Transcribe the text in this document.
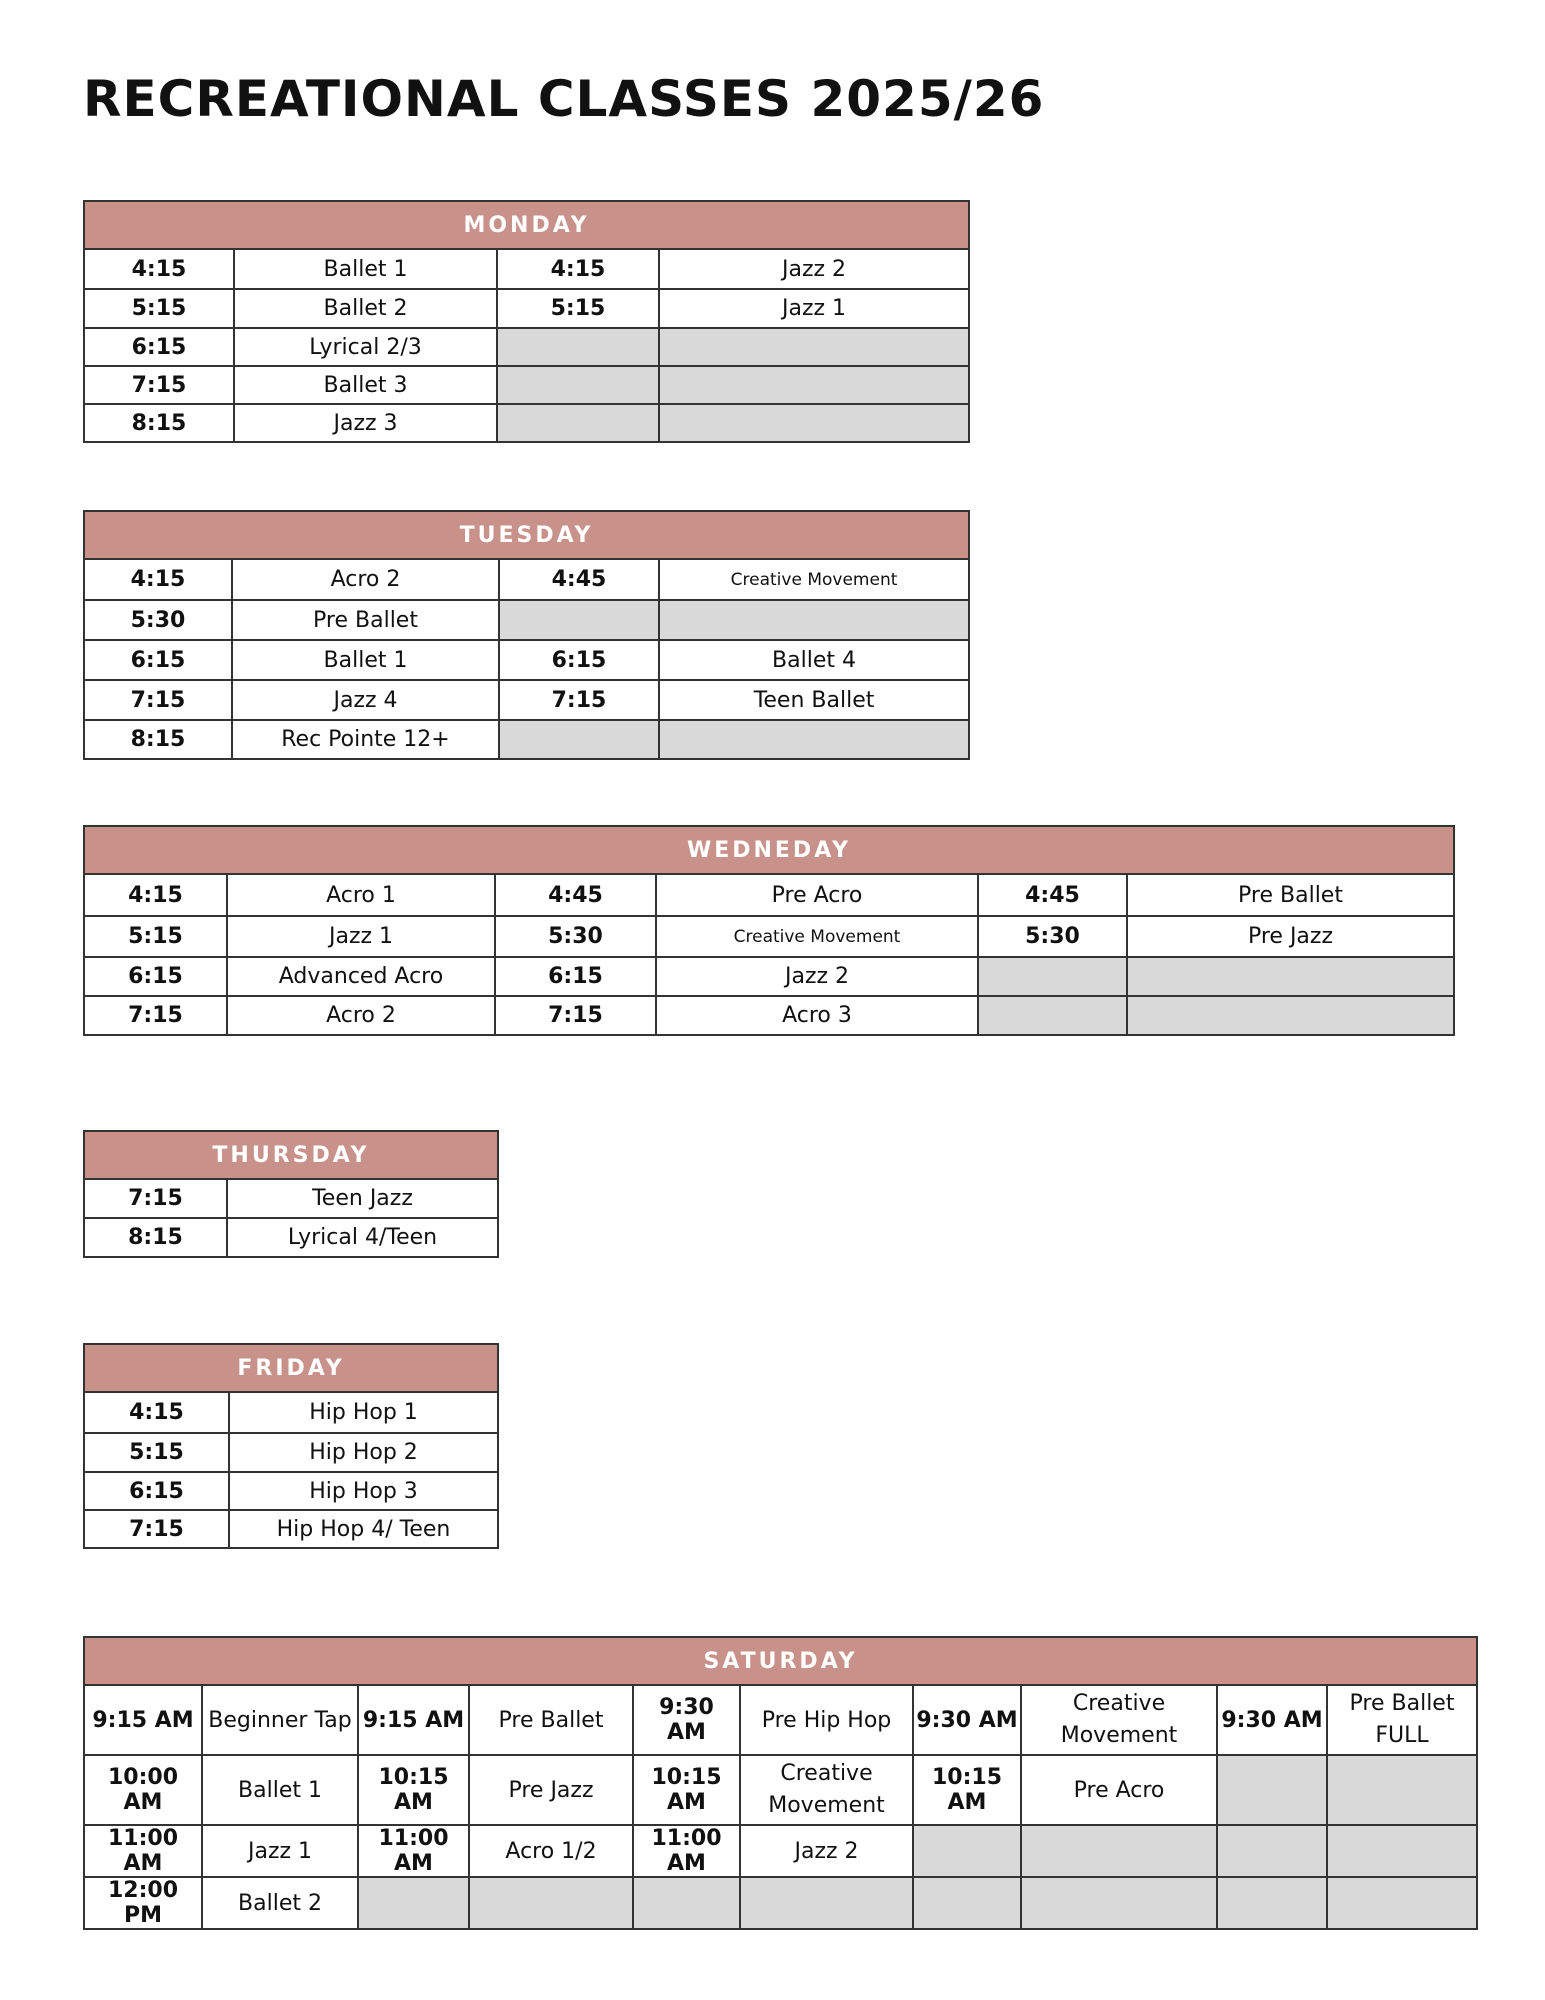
RECREATIONAL CLASSES 2025/26
MONDAY			
4:15	Ballet 1	4:15	Jazz 2
5:15	Ballet 2	5:15	Jazz 1
6:15	Lyrical 2/3		
7:15	Ballet 3		
8:15	Jazz 3		
TUESDAY			
4:15	Acro 2	4:45	Creative Movement
5:30	Pre Ballet		
6:15	Ballet 1	6:15	Ballet 4
7:15	Jazz 4	7:15	Teen Ballet
8:15	Rec Pointe 12+		
WEDNEDAY					
4:15	Acro 1	4:45	Pre Acro	4:45	Pre Ballet
5:15	Jazz 1	5:30	Creative Movement	5:30	Pre Jazz
6:15	Advanced Acro	6:15	Jazz 2		
7:15	Acro 2	7:15	Acro 3		
THURSDAY	
7:15	Teen Jazz
8:15	Lyrical 4/Teen
FRIDAY	
4:15	Hip Hop 1
5:15	Hip Hop 2
6:15	Hip Hop 3
7:15	Hip Hop 4/ Teen
SATURDAY									
9:15 AM	Beginner Tap	9:15 AM	Pre Ballet	9:30 AM	Pre Hip Hop	9:30 AM	Creative Movement	9:30 AM	Pre Ballet FULL
10:00 AM	Ballet 1	10:15 AM	Pre Jazz	10:15 AM	Creative Movement	10:15 AM	Pre Acro		
11:00 AM	Jazz 1	11:00 AM	Acro 1/2	11:00 AM	Jazz 2				
12:00 PM	Ballet 2								
